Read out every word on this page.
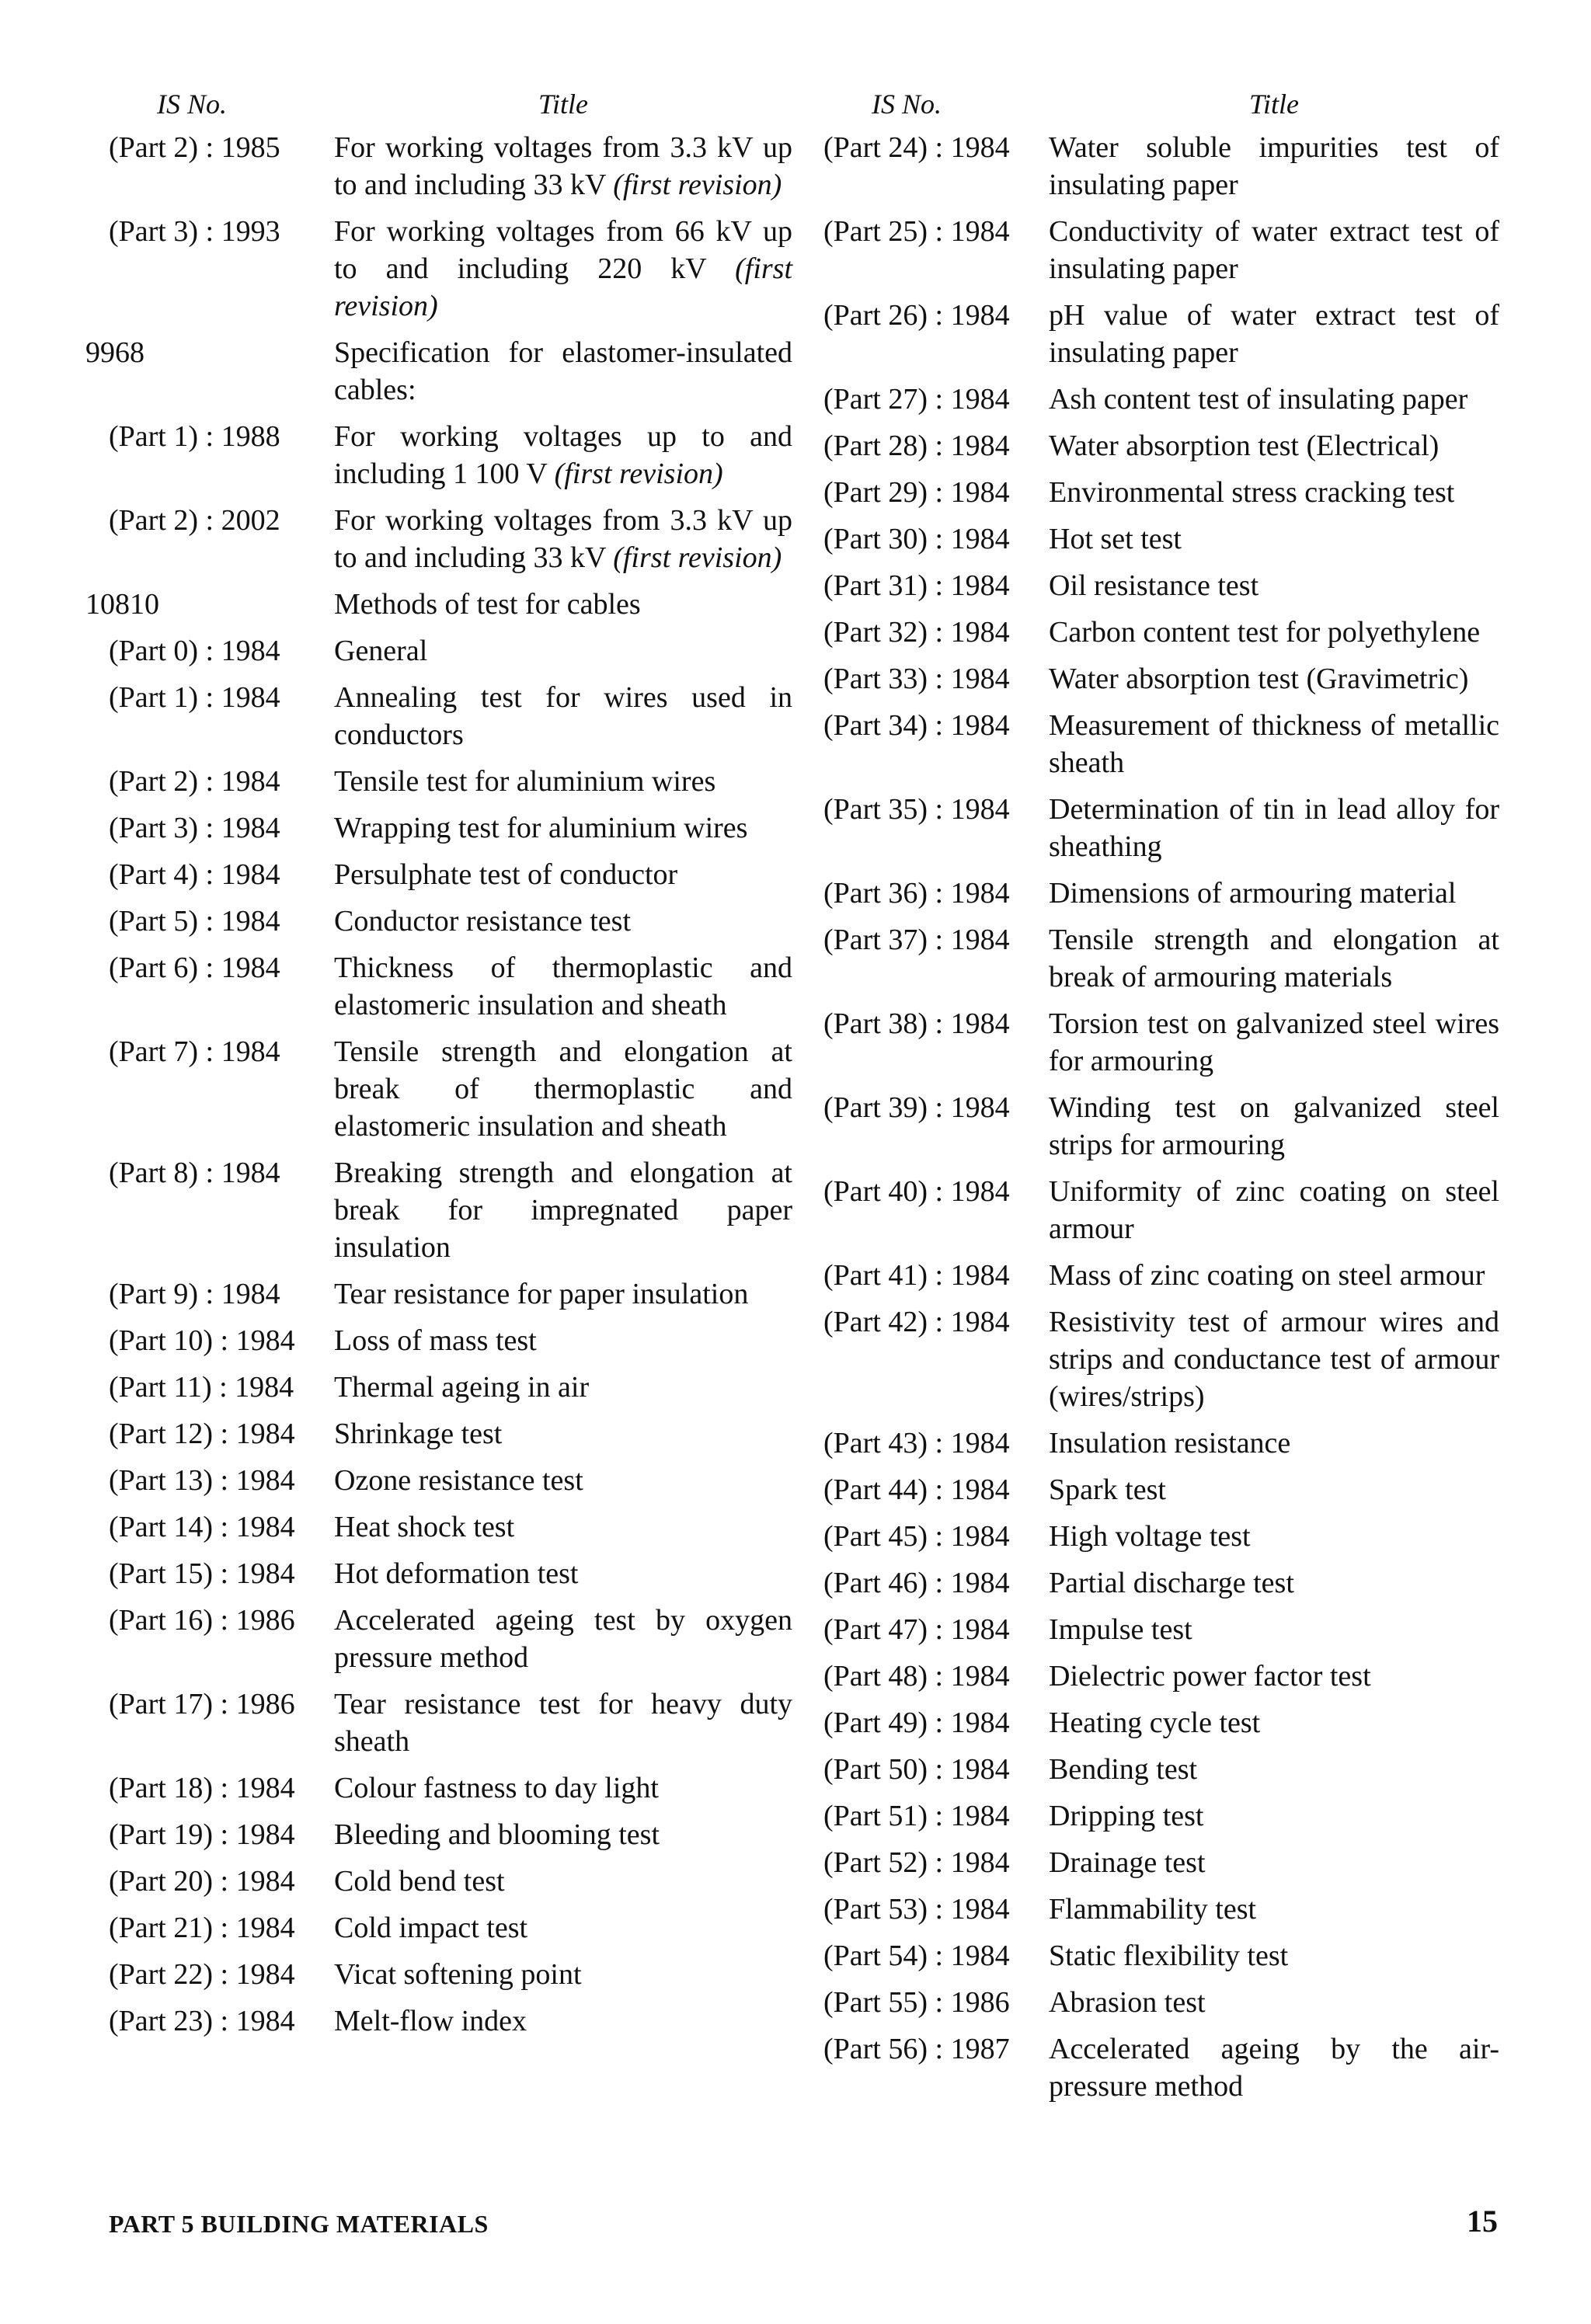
IS No.	Title
(Part 2) : 1985	For working voltages from 3.3 kV up to and including 33 kV (first revision)
(Part 3) : 1993	For working voltages from 66 kV up to and including 220 kV (first revision)
9968	Specification for elastomer-insulated cables:
(Part 1) : 1988	For working voltages up to and including 1 100 V (first revision)
(Part 2) : 2002	For working voltages from 3.3 kV up to and including 33 kV (first revision)
10810	Methods of test for cables
(Part 0) : 1984	General
(Part 1) : 1984	Annealing test for wires used in conductors
(Part 2) : 1984	Tensile test for aluminium wires
(Part 3) : 1984	Wrapping test for aluminium wires
(Part 4) : 1984	Persulphate test of conductor
(Part 5) : 1984	Conductor resistance test
(Part 6) : 1984	Thickness of thermoplastic and elastomeric insulation and sheath
(Part 7) : 1984	Tensile strength and elongation at break of thermoplastic and elastomeric insulation and sheath
(Part 8) : 1984	Breaking strength and elongation at break for impregnated paper insulation
(Part 9) : 1984	Tear resistance for paper insulation
(Part 10) : 1984	Loss of mass test
(Part 11) : 1984	Thermal ageing in air
(Part 12) : 1984	Shrinkage test
(Part 13) : 1984	Ozone resistance test
(Part 14) : 1984	Heat shock test
(Part 15) : 1984	Hot deformation test
(Part 16) : 1986	Accelerated ageing test by oxygen pressure method
(Part 17) : 1986	Tear resistance test for heavy duty sheath
(Part 18) : 1984	Colour fastness to day light
(Part 19) : 1984	Bleeding and blooming test
(Part 20) : 1984	Cold bend test
(Part 21) : 1984	Cold impact test
(Part 22) : 1984	Vicat softening point
(Part 23) : 1984	Melt-flow index
IS No.	Title
(Part 24) : 1984	Water soluble impurities test of insulating paper
(Part 25) : 1984	Conductivity of water extract test of insulating paper
(Part 26) : 1984	pH value of water extract test of insulating paper
(Part 27) : 1984	Ash content test of insulating paper
(Part 28) : 1984	Water absorption test (Electrical)
(Part 29) : 1984	Environmental stress cracking test
(Part 30) : 1984	Hot set test
(Part 31) : 1984	Oil resistance test
(Part 32) : 1984	Carbon content test for polyethylene
(Part 33) : 1984	Water absorption test (Gravimetric)
(Part 34) : 1984	Measurement of thickness of metallic sheath
(Part 35) : 1984	Determination of tin in lead alloy for sheathing
(Part 36) : 1984	Dimensions of armouring material
(Part 37) : 1984	Tensile strength and elongation at break of armouring materials
(Part 38) : 1984	Torsion test on galvanized steel wires for armouring
(Part 39) : 1984	Winding test on galvanized steel strips for armouring
(Part 40) : 1984	Uniformity of zinc coating on steel armour
(Part 41) : 1984	Mass of zinc coating on steel armour
(Part 42) : 1984	Resistivity test of armour wires and strips and conductance test of armour (wires/strips)
(Part 43) : 1984	Insulation resistance
(Part 44) : 1984	Spark test
(Part 45) : 1984	High voltage test
(Part 46) : 1984	Partial discharge test
(Part 47) : 1984	Impulse test
(Part 48) : 1984	Dielectric power factor test
(Part 49) : 1984	Heating cycle test
(Part 50) : 1984	Bending test
(Part 51) : 1984	Dripping test
(Part 52) : 1984	Drainage test
(Part 53) : 1984	Flammability test
(Part 54) : 1984	Static flexibility test
(Part 55) : 1986	Abrasion test
(Part 56) : 1987	Accelerated ageing by the air-pressure method
PART 5 BUILDING MATERIALS	15
